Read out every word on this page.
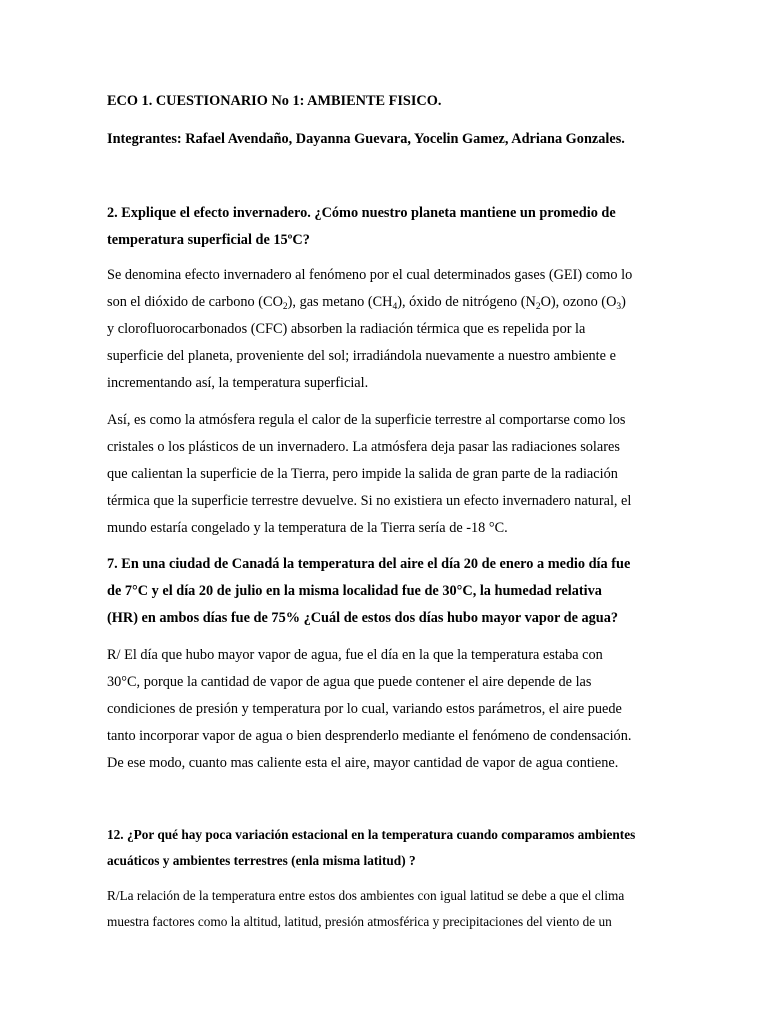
ECO 1. CUESTIONARIO No 1: AMBIENTE FISICO.

Integrantes: Rafael Avendaño, Dayanna Guevara, Yocelin Gamez, Adriana Gonzales.

2. Explique el efecto invernadero. ¿Cómo nuestro planeta mantiene un promedio de

temperatura superficial de 15ºC?

Se denomina efecto invernadero al fenómeno por el cual determinados gases (GEI) como lo

son el dióxido de carbono $(CO_2)$, gas metano $(CH_4)$, óxido de nitrógeno $(N_2O)$, ozono $(O_3)$

y clorofluorocarbonados (CFC) absorben la radiación térmica que es repelida por la

superficie del planeta, proveniente del sol; irradiándola nuevamente a nuestro ambiente e

incrementando así, la temperatura superficial.

Así, es como la atmósfera regula el calor de la superficie terrestre al comportarse como los

cristales o los plásticos de un invernadero. La atmósfera deja pasar las radiaciones solares

que calientan la superficie de la Tierra, pero impide la salida de gran parte de la radiación

térmica que la superficie terrestre devuelve. Si no existiera un efecto invernadero natural, el

mundo estaría congelado y la temperatura de la Tierra sería de -18 °C.

7. En una ciudad de Canadá la temperatura del aire el día 20 de enero a medio día fue

de 7°C y el día 20 de julio en la misma localidad fue de 30°C, la humedad relativa

(HR) en ambos días fue de 75% ¿Cuál de estos dos días hubo mayor vapor de agua?

R/ El día que hubo mayor vapor de agua, fue el día en la que la temperatura estaba con

30°C, porque la cantidad de vapor de agua que puede contener el aire depende de las

condiciones de presión y temperatura por lo cual, variando estos parámetros, el aire puede

tanto incorporar vapor de agua o bien desprenderlo mediante el fenómeno de condensación.

De ese modo, cuanto mas caliente esta el aire, mayor cantidad de vapor de agua contiene.

12. ¿Por qué hay poca variación estacional en la temperatura cuando comparamos ambientes

acuáticos y ambientes terrestres (enla misma latitud) ?

R/La relación de la temperatura entre estos dos ambientes con igual latitud se debe a que el clima

muestra factores como la altitud, latitud, presión atmosférica y precipitaciones del viento de un
